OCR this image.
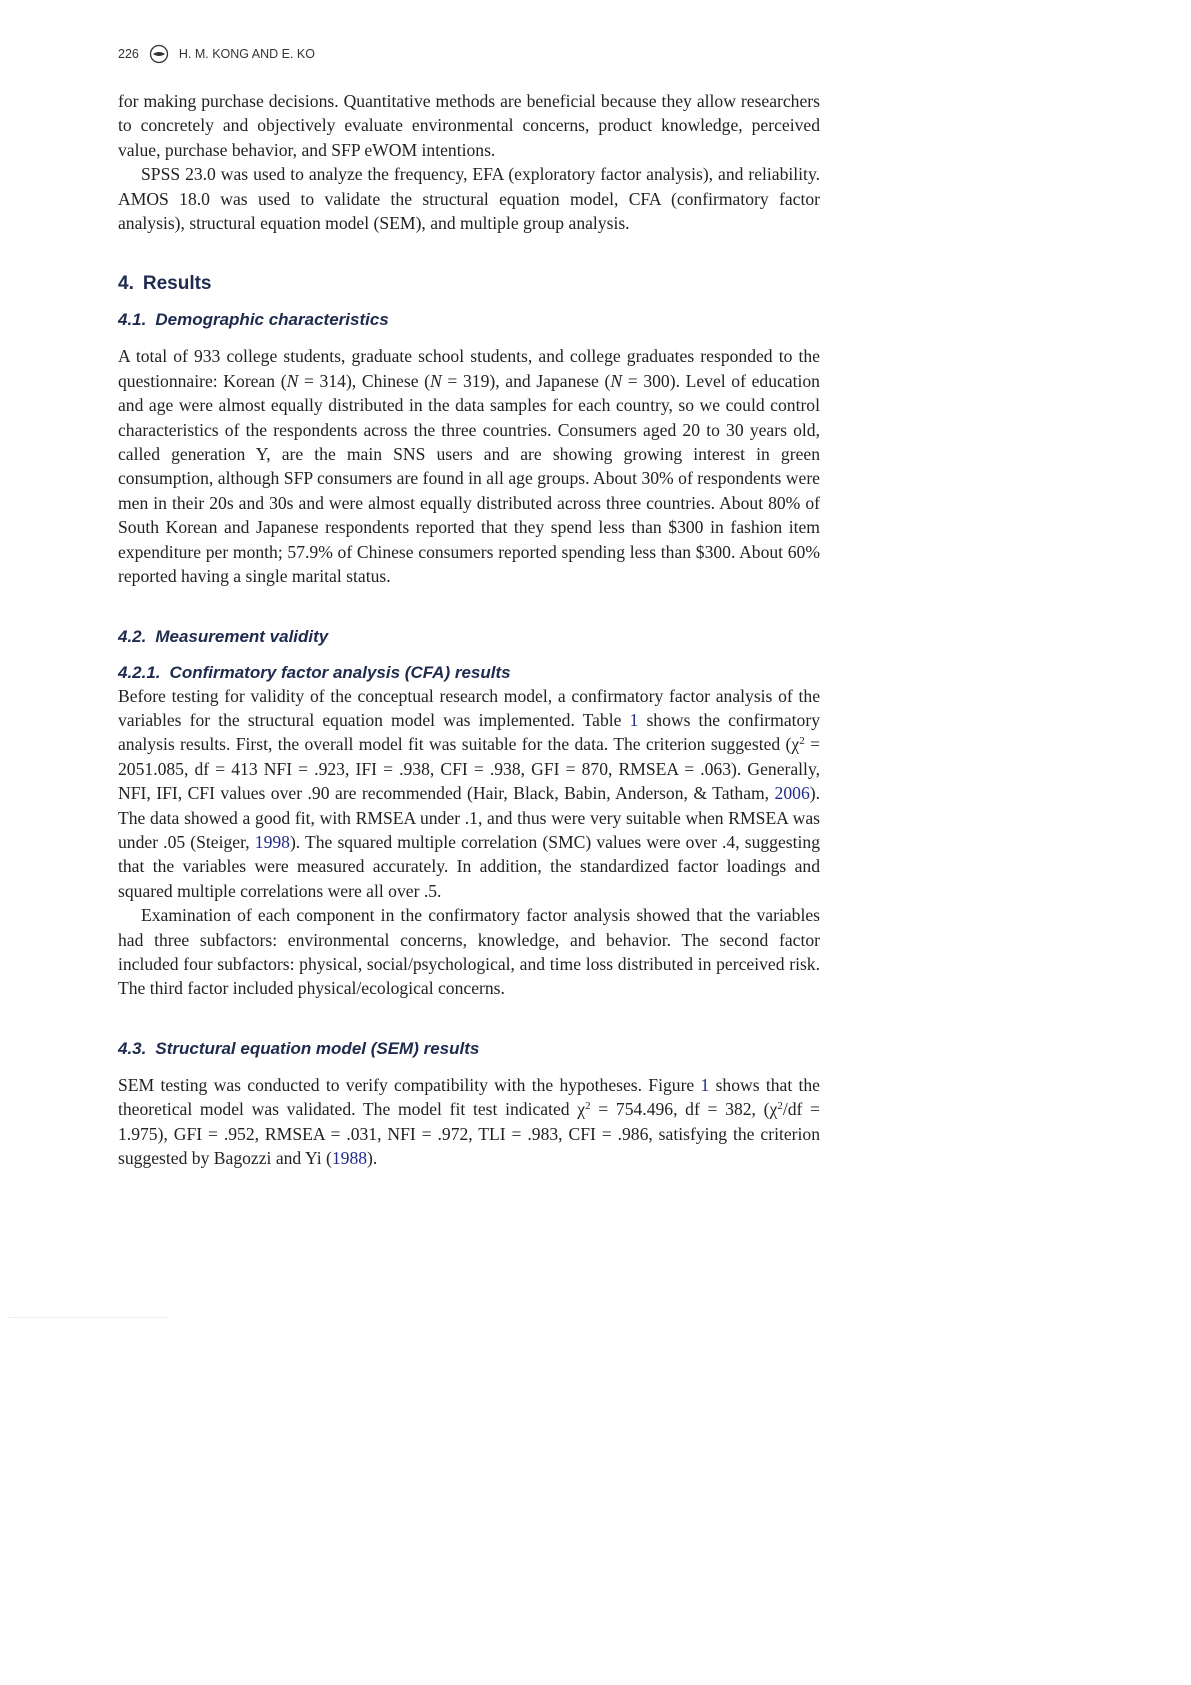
226	H. M. KONG AND E. KO

for making purchase decisions. Quantitative methods are beneficial because they allow researchers to concretely and objectively evaluate environmental concerns, product knowledge, perceived value, purchase behavior, and SFP eWOM intentions.

SPSS 23.0 was used to analyze the frequency, EFA (exploratory factor analysis), and reliability. AMOS 18.0 was used to validate the structural equation model, CFA (confirmatory factor analysis), structural equation model (SEM), and multiple group analysis.

4. Results
4.1. Demographic characteristics

A total of 933 college students, graduate school students, and college graduates responded to the questionnaire: Korean (N = 314), Chinese (N = 319), and Japanese (N = 300). Level of education and age were almost equally distributed in the data samples for each country, so we could control characteristics of the respondents across the three countries. Consumers aged 20 to 30 years old, called generation Y, are the main SNS users and are showing growing interest in green consumption, although SFP consumers are found in all age groups. About 30% of respondents were men in their 20s and 30s and were almost equally distributed across three countries. About 80% of South Korean and Japanese respondents reported that they spend less than $300 in fashion item expenditure per month; 57.9% of Chinese consumers reported spending less than $300. About 60% reported having a single marital status.

4.2. Measurement validity
4.2.1. Confirmatory factor analysis (CFA) results

Before testing for validity of the conceptual research model, a confirmatory factor analysis of the variables for the structural equation model was implemented. Table 1 shows the confirmatory analysis results. First, the overall model fit was suitable for the data. The criterion suggested ($\chi^2 = 2051.085$, df = 413 NFI = .923, IFI = .938, CFI = .938, GFI = 870, RMSEA = .063). Generally, NFI, IFI, CFI values over .90 are recommended (Hair, Black, Babin, Anderson, & Tatham, 2006). The data showed a good fit, with RMSEA under .1, and thus were very suitable when RMSEA was under .05 (Steiger, 1998). The squared multiple correlation (SMC) values were over .4, suggesting that the variables were measured accurately. In addition, the standardized factor loadings and squared multiple correlations were all over .5.

Examination of each component in the confirmatory factor analysis showed that the variables had three subfactors: environmental concerns, knowledge, and behavior. The second factor included four subfactors: physical, social/psychological, and time loss distributed in perceived risk. The third factor included physical/ecological concerns.

4.3. Structural equation model (SEM) results

SEM testing was conducted to verify compatibility with the hypotheses. Figure 1 shows that the theoretical model was validated. The model fit test indicated $\chi^2 = 754.496$, df = 382, $(\chi^2/df = 1.975)$, GFI = .952, RMSEA = .031, NFI = .972, TLI = .983, CFI = .986, satisfying the criterion suggested by Bagozzi and Yi (1988).
